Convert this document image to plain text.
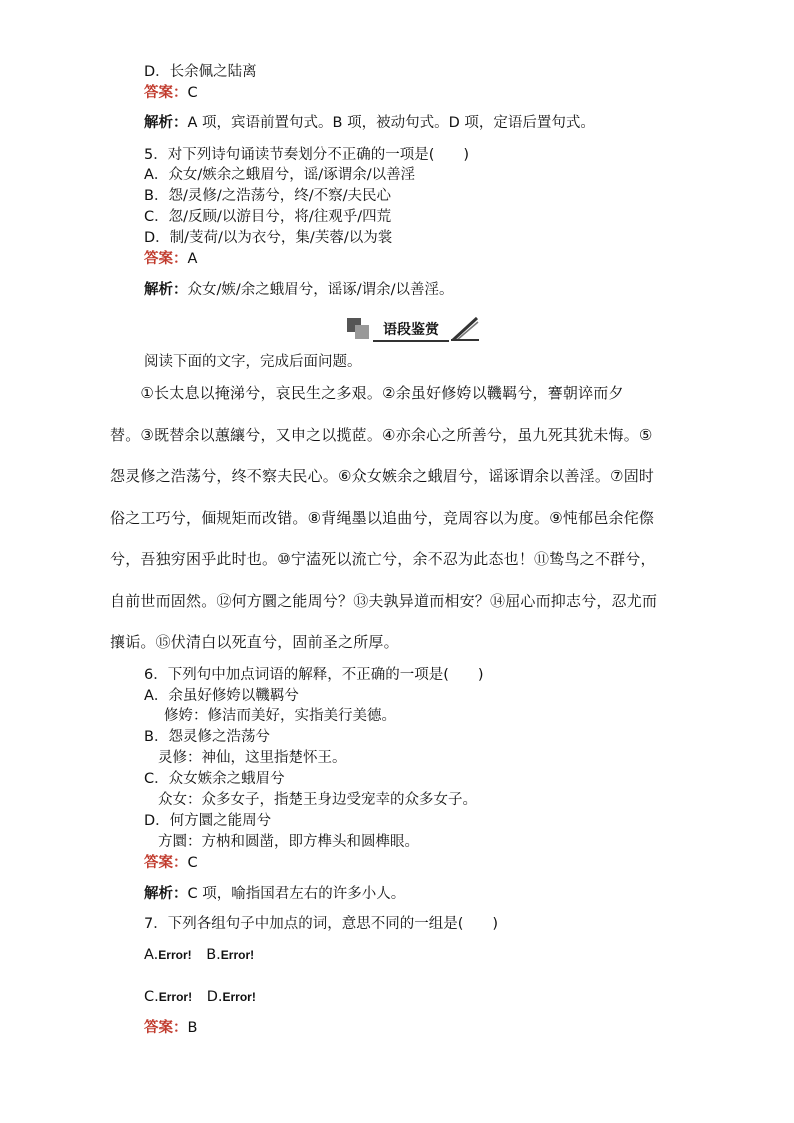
D．长余佩之陆离
答案：C
解析：A 项，宾语前置句式。B 项，被动句式。D 项，定语后置句式。
5．对下列诗句诵读节奏划分不正确的一项是(　　)
A．众女/嫉余之蛾眉兮，谣/诼谓余/以善淫
B．怨/灵修/之浩荡兮，终/不察/夫民心
C．忽/反顾/以游目兮，将/往观乎/四荒
D．制/芰荷/以为衣兮，集/芙蓉/以为裳
答案：A
解析：众女/嫉/余之蛾眉兮，谣诼/谓余/以善淫。
语段鉴赏
阅读下面的文字，完成后面问题。
　　①长太息以掩涕兮，哀民生之多艰。②余虽好修姱以鞿羁兮，謇朝谇而夕
替。③既替余以蕙纕兮，又申之以揽茝。④亦余心之所善兮，虽九死其犹未悔。⑤
怨灵修之浩荡兮，终不察夫民心。⑥众女嫉余之蛾眉兮，谣诼谓余以善淫。⑦固时
俗之工巧兮，偭规矩而改错。⑧背绳墨以追曲兮，竞周容以为度。⑨忳郁邑余侘傺
兮，吾独穷困乎此时也。⑩宁溘死以流亡兮，余不忍为此态也！⑪鸷鸟之不群兮，
自前世而固然。⑫何方圜之能周兮？⑬夫孰异道而相安？⑭屈心而抑志兮，忍尤而
攘诟。⑮伏清白以死直兮，固前圣之所厚。
6．下列句中加点词语的解释，不正确的一项是(　　)
A．余虽好修姱以鞿羁兮
修姱：修洁而美好，实指美行美德。
B．怨灵修之浩荡兮
灵修：神仙，这里指楚怀王。
C．众女嫉余之蛾眉兮
众女：众多女子，指楚王身边受宠幸的众多女子。
D．何方圜之能周兮
方圜：方枘和圆凿，即方榫头和圆榫眼。
答案：C
解析：C 项，喻指国君左右的许多小人。
7．下列各组句子中加点的词，意思不同的一组是(　　)
A.Error! B.Error!
C.Error! D.Error!
答案：B
